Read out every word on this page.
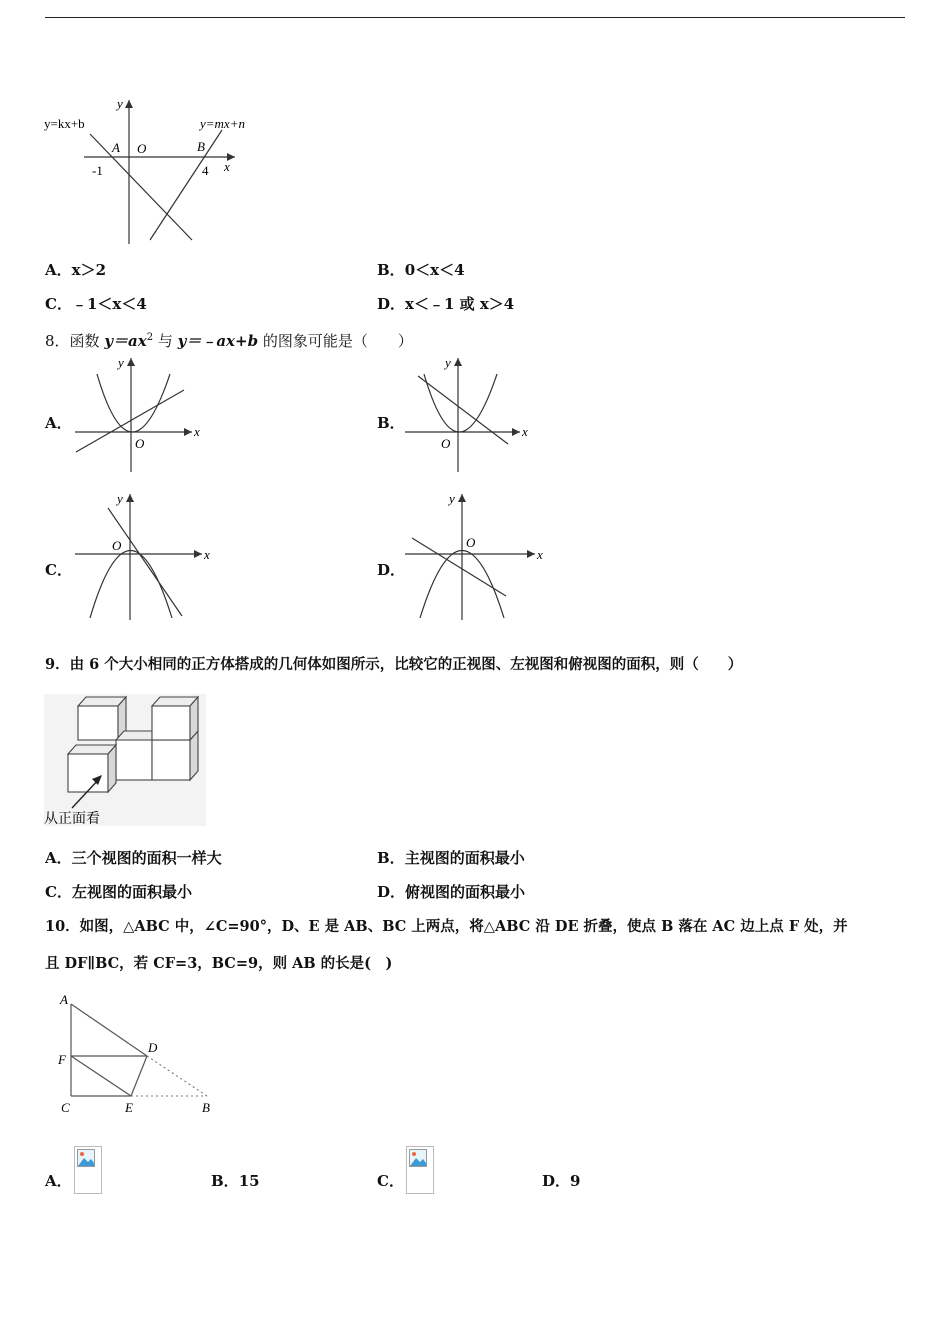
y=kx+b	y=mx+n
y
x
A O	B
-1	4
A．x＞2	B．0＜x＜4
C．﹣1＜x＜4	D．x＜﹣1 或 x＞4
8．函数 $y=ax^2$ 与 y＝﹣ax+b 的图象可能是（　　）
A．
y
x
O
B．
y
x
O
C．
y
x
O
D．
y
x
O
9．由 6 个大小相同的正方体搭成的几何体如图所示，比较它的正视图、左视图和俯视图的面积，则（　　）
从正面看
A．三个视图的面积一样大	B．主视图的面积最小
C．左视图的面积最小	D．俯视图的面积最小
10．如图，△ABC 中，∠C=90°，D、E 是 AB、BC 上两点，将△ABC 沿 DE 折叠，使点 B 落在 AC 边上点 F 处，并
且 DF∥BC，若 CF=3，BC=9，则 AB 的长是(　)
A
D
F
C	E	B
A．	B．15	C．	D．9
